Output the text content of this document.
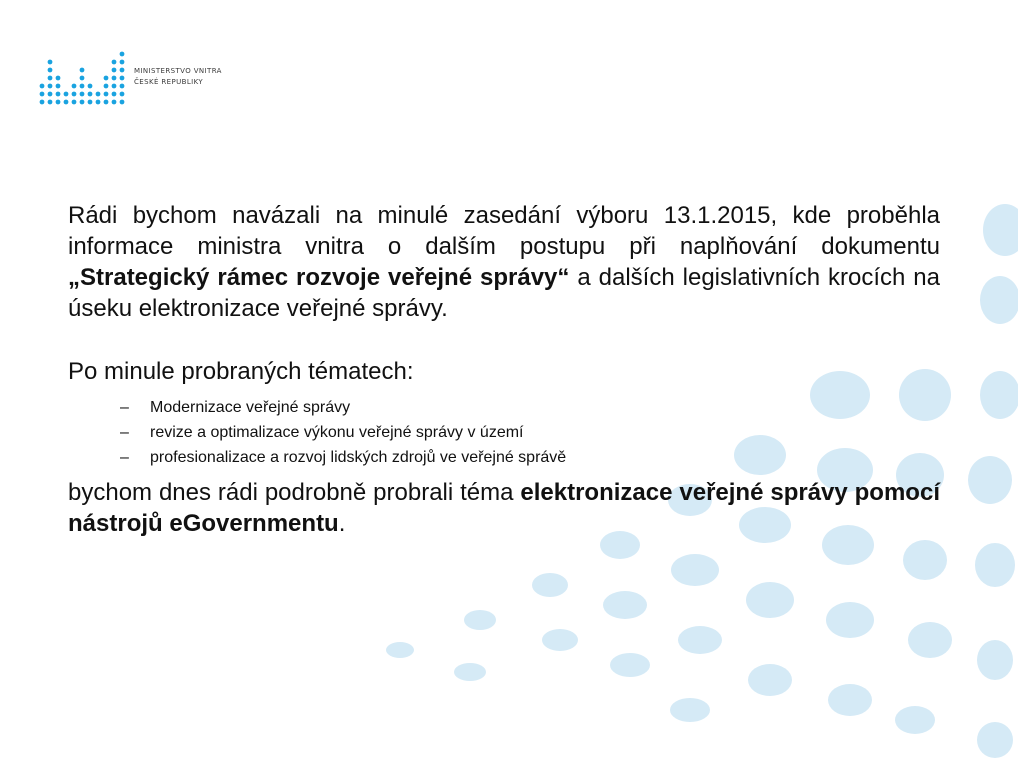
MINISTERSTVO VNITRA
ČESKÉ REPUBLIKY

Rádi bychom navázali na minulé zasedání výboru 13.1.2015, kde proběhla informace ministra vnitra o dalším postupu při naplňování dokumentu „Strategický rámec rozvoje veřejné správy“ a dalších legislativních krocích na úseku elektronizace veřejné správy.

Po minule probraných tématech:

– Modernizace veřejné správy
– revize a optimalizace výkonu veřejné správy v území
– profesionalizace a rozvoj lidských zdrojů ve veřejné správě

bychom dnes rádi podrobně probrali téma elektronizace veřejné správy pomocí nástrojů eGovernmentu.
